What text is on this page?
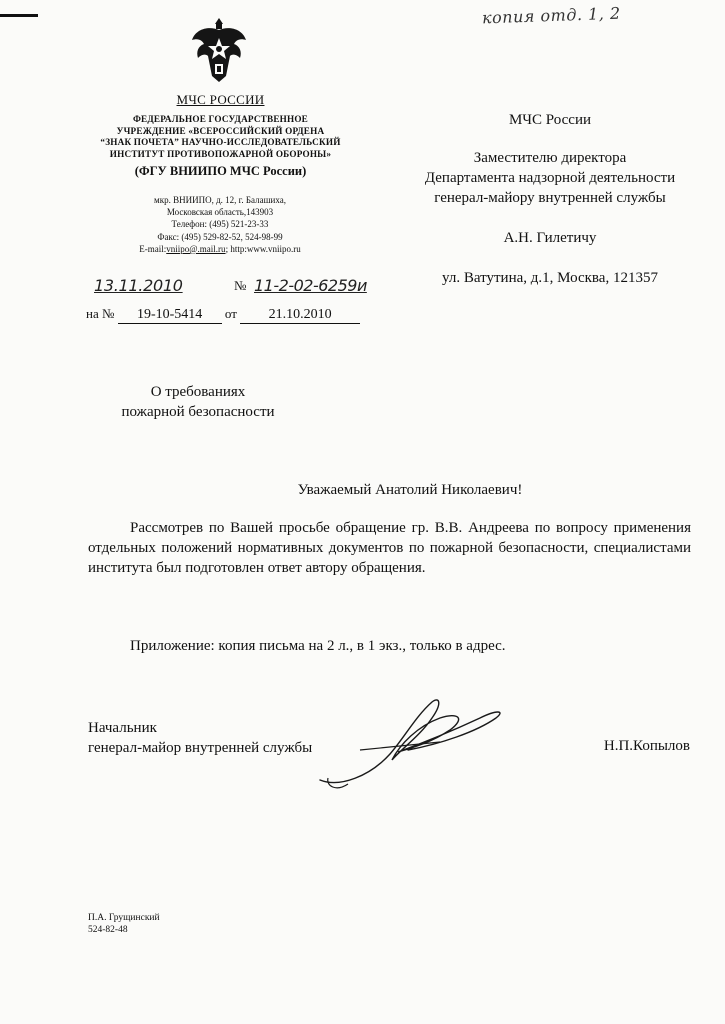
копия отд. 1, 2
МЧС РОССИИ
ФЕДЕРАЛЬНОЕ ГОСУДАРСТВЕННОЕ
УЧРЕЖДЕНИЕ «ВСЕРОССИЙСКИЙ ОРДЕНА
“ЗНАК ПОЧЕТА” НАУЧНО-ИССЛЕДОВАТЕЛЬСКИЙ
ИНСТИТУТ ПРОТИВОПОЖАРНОЙ ОБОРОНЫ»
(ФГУ ВНИИПО МЧС России)
мкр. ВНИИПО, д. 12, г. Балашиха,
Московская область,143903
Телефон: (495) 521-23-33
Факс: (495) 529-82-52, 524-98-99
E-mail:vniipo@.mail.ru; http:www.vniipo.ru
13.11.2010	№ 11-2-02-6259и
на № 19-10-5414 от 21.10.2010
МЧС России
Заместителю директора
Департамента надзорной деятельности
генерал-майору внутренней службы
А.Н. Гилетичу
ул. Ватутина, д.1, Москва, 121357
О требованиях
пожарной безопасности
Уважаемый Анатолий Николаевич!
Рассмотрев по Вашей просьбе обращение гр. В.В. Андреева по вопросу применения отдельных положений нормативных документов по пожарной безопасности, специалистами института был подготовлен ответ автору обращения.
Приложение: копия письма на 2 л., в 1 экз., только в адрес.
Начальник
генерал-майор внутренней службы	Н.П.Копылов
П.А. Грущинский
524-82-48
